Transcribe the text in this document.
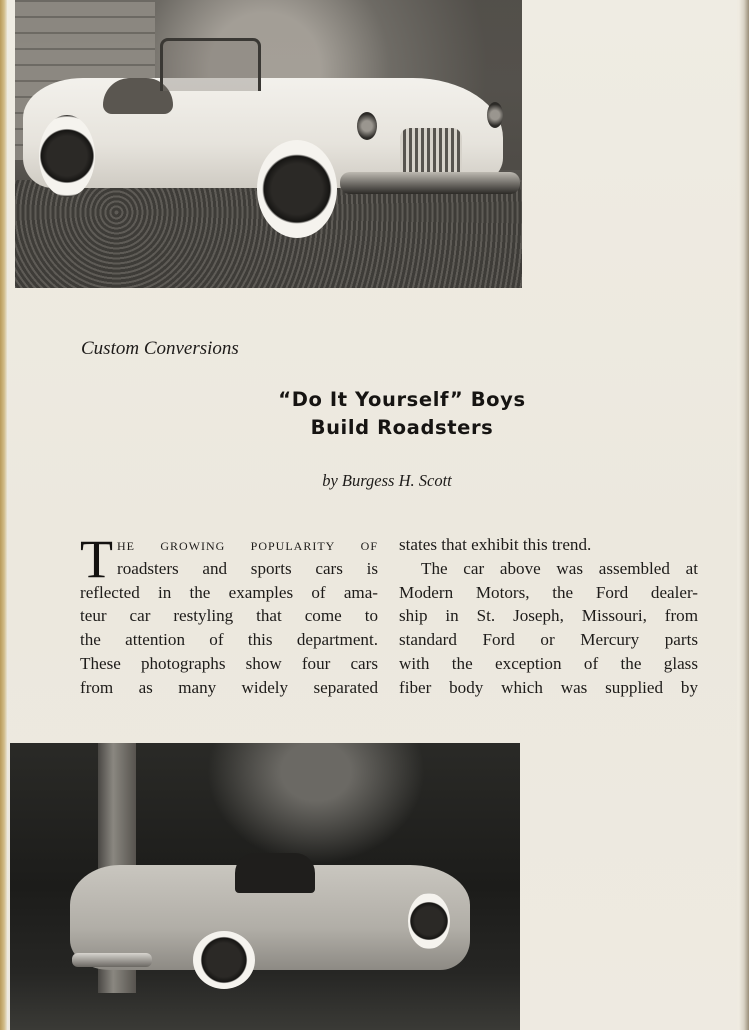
Custom Conversions

“Do It Yourself” Boys
Build Roadsters

by Burgess H. Scott

T he growing popularity of
roadsters and sports cars is
reflected in the examples of ama-
teur car restyling that come to
the attention of this department.
These photographs show four cars
from as many widely separated
states that exhibit this trend.
The car above was assembled at
Modern Motors, the Ford dealer-
ship in St. Joseph, Missouri, from
standard Ford or Mercury parts
with the exception of the glass
fiber body which was supplied by
